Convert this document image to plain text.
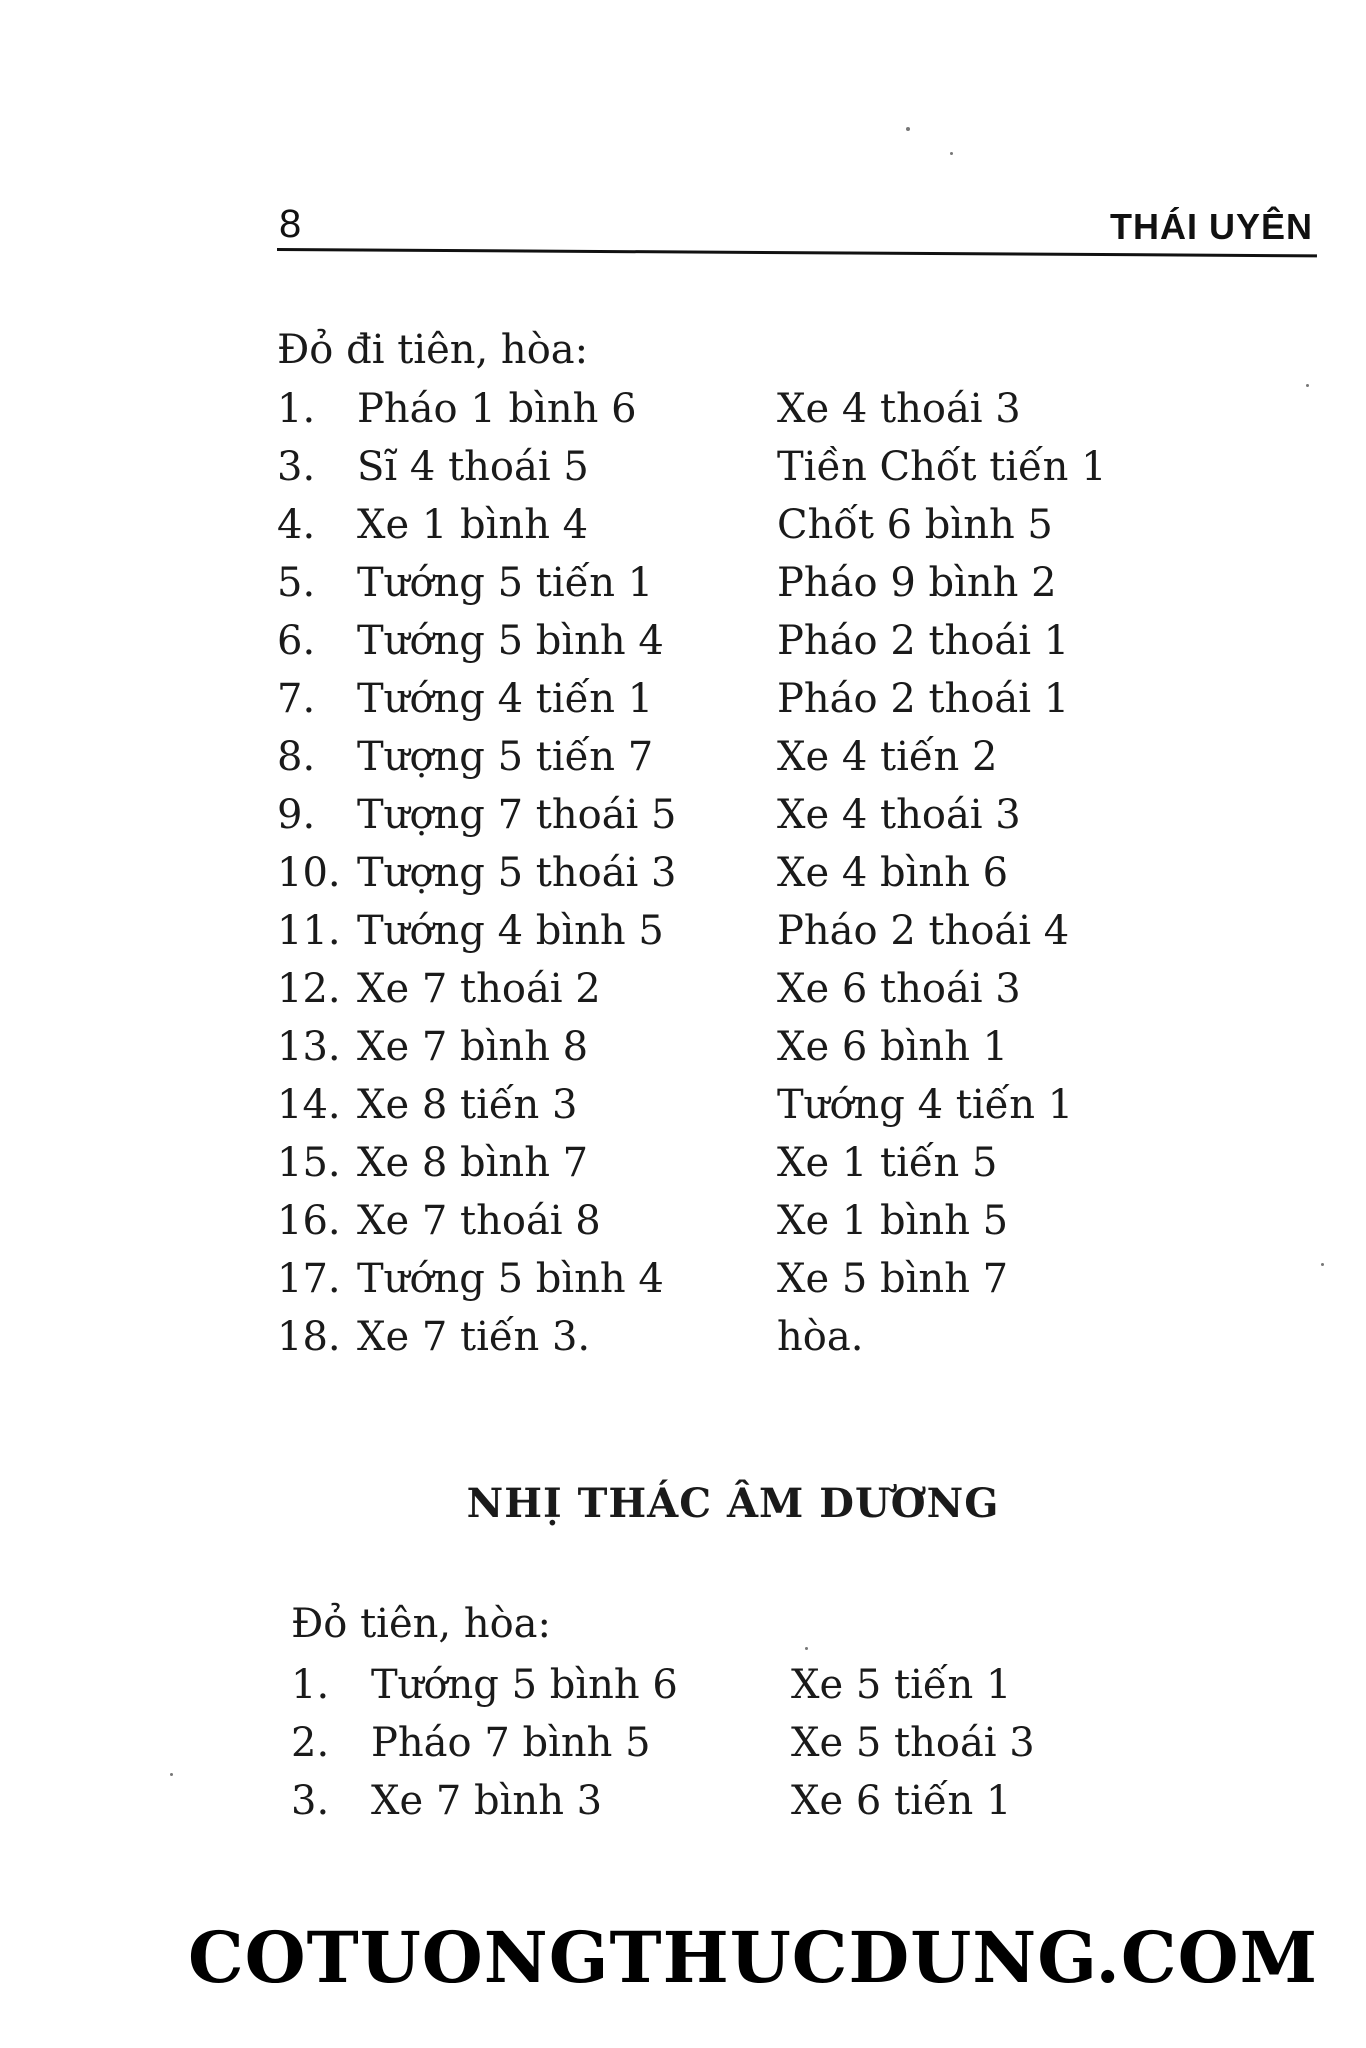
8	THÁI UYÊN

Đỏ đi tiên, hòa:

1.	Pháo 1 bình 6	Xe 4 thoái 3
3.	Sĩ 4 thoái 5	Tiền Chốt tiến 1
4.	Xe 1 bình 4	Chốt 6 bình 5
5.	Tướng 5 tiến 1	Pháo 9 bình 2
6.	Tướng 5 bình 4	Pháo 2 thoái 1
7.	Tướng 4 tiến 1	Pháo 2 thoái 1
8.	Tượng 5 tiến 7	Xe 4 tiến 2
9.	Tượng 7 thoái 5	Xe 4 thoái 3
10. Tượng 5 thoái 3	Xe 4 bình 6
11. Tướng 4 bình 5	Pháo 2 thoái 4
12. Xe 7 thoái 2	Xe 6 thoái 3
13. Xe 7 bình 8	Xe 6 bình 1
14. Xe 8 tiến 3	Tướng 4 tiến 1
15. Xe 8 bình 7	Xe 1 tiến 5
16. Xe 7 thoái 8	Xe 1 bình 5
17. Tướng 5 bình 4	Xe 5 bình 7
18. Xe 7 tiến 3.	hòa.
NHỊ THÁC ÂM DƯƠNG

Đỏ tiên, hòa:

1.	Tướng 5 bình 6	Xe 5 tiến 1
2.	Pháo 7 bình 5	Xe 5 thoái 3
3.	Xe 7 bình 3	Xe 6 tiến 1
COTUONGTHUCDUNG.COM
